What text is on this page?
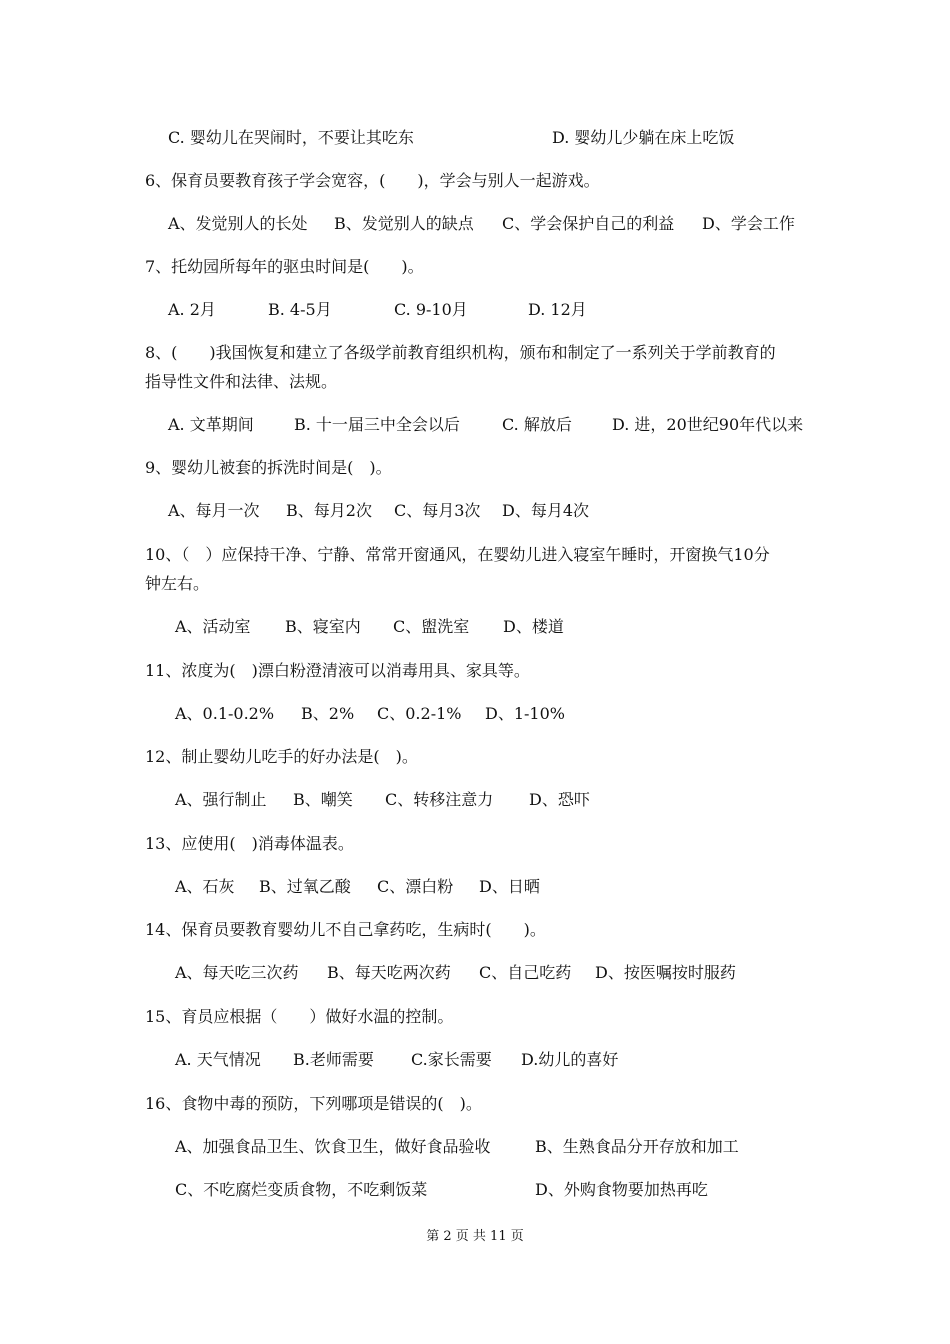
C. 婴幼儿在哭闹时，不要让其吃东	D. 婴幼儿少躺在床上吃饭
6、保育员要教育孩子学会宽容，(　　)，学会与别人一起游戏。
A、发觉别人的长处 B、发觉别人的缺点 C、学会保护自己的利益 D、学会工作
7、托幼园所每年的驱虫时间是(　　)。
A. 2月	B. 4-5月	C. 9-10月	D. 12月
8、(　　)我国恢复和建立了各级学前教育组织机构，颁布和制定了一系列关于学前教育的
指导性文件和法律、法规。
A. 文革期间	B. 十一届三中全会以后	C. 解放后	D. 进，20世纪90年代以来
9、婴幼儿被套的拆洗时间是(　)。
A、每月一次 B、每月2次 C、每月3次 D、每月4次
10、（　）应保持干净、宁静、常常开窗通风，在婴幼儿进入寝室午睡时，开窗换气10分
钟左右。
A、活动室 B、寝室内 C、盥洗室 D、楼道
11、浓度为(　)漂白粉澄清液可以消毒用具、家具等。
A、0.1-0.2% B、2% C、0.2-1% D、1-10%
12、制止婴幼儿吃手的好办法是(　)。
A、强行制止 B、嘲笑 C、转移注意力 D、恐吓
13、应使用(　)消毒体温表。
A、石灰 B、过氧乙酸 C、漂白粉 D、日晒
14、保育员要教育婴幼儿不自己拿药吃，生病时(　　)。
A、每天吃三次药 B、每天吃两次药 C、自己吃药 D、按医嘱按时服药
15、育员应根据（　　）做好水温的控制。
A. 天气情况 B.老师需要 C.家长需要 D.幼儿的喜好
16、食物中毒的预防，下列哪项是错误的(　)。
A、加强食品卫生、饮食卫生，做好食品验收	B、生熟食品分开存放和加工
C、不吃腐烂变质食物，不吃剩饭菜	D、外购食物要加热再吃
第 2 页 共 11 页
